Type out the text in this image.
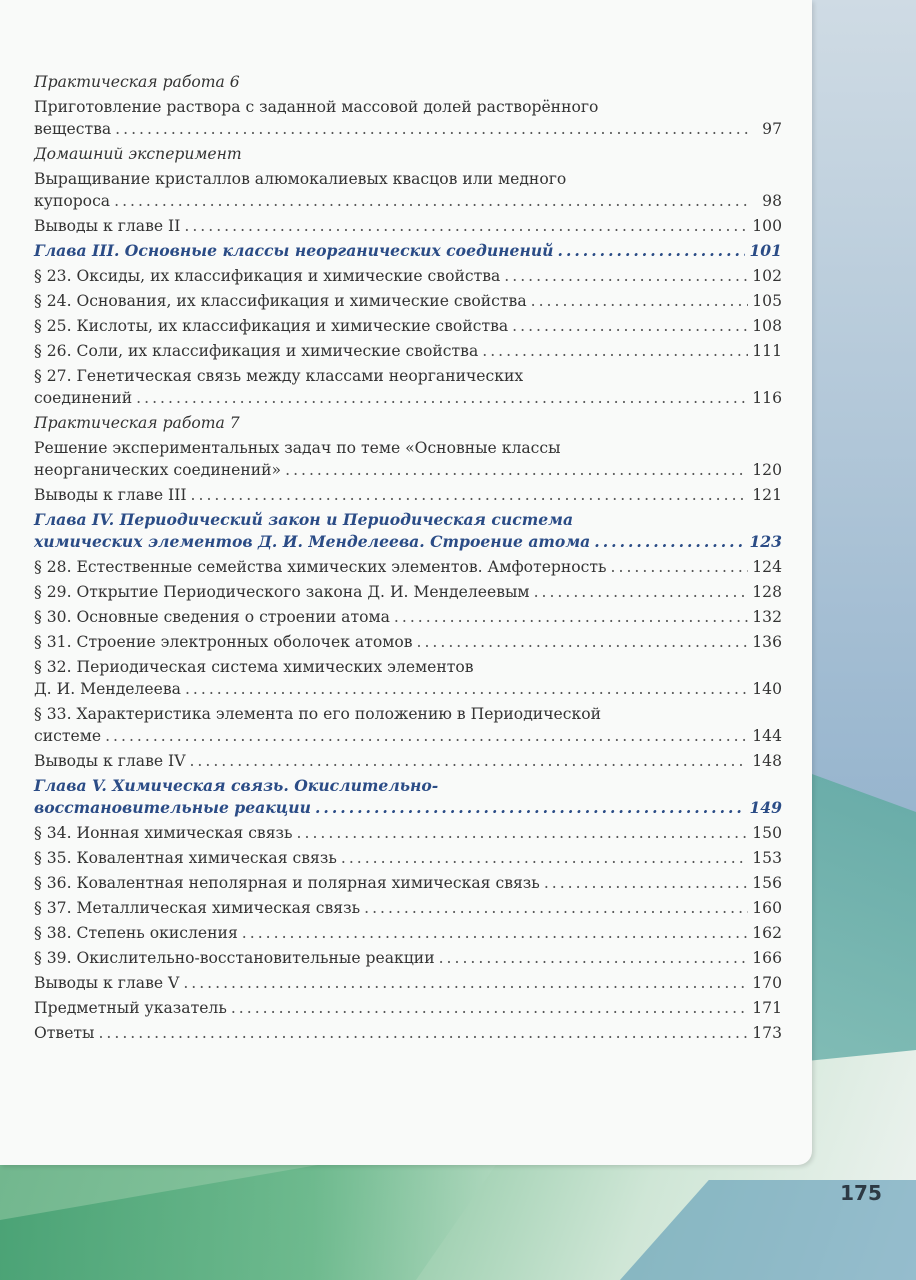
Практическая работа 6
Приготовление раствора с заданной массовой долей растворённого
вещества .....	97
Домашний эксперимент
Выращивание кристаллов алюмокалиевых квасцов или медного
купороса .....	98
Выводы к главе II .....	100
Глава III. Основные классы неорганических соединений .....	101
§ 23. Оксиды, их классификация и химические свойства .....	102
§ 24. Основания, их классификация и химические свойства .....	105
§ 25. Кислоты, их классификация и химические свойства .....	108
§ 26. Соли, их классификация и химические свойства .....	111
§ 27. Генетическая связь между классами неорганических
соединений .....	116
Практическая работа 7
Решение экспериментальных задач по теме «Основные классы
неорганических соединений» .....	120
Выводы к главе III .....	121
Глава IV. Периодический закон и Периодическая система
химических элементов Д. И. Менделеева. Строение атома .....	123
§ 28. Естественные семейства химических элементов. Амфотерность .....	124
§ 29. Открытие Периодического закона Д. И. Менделеевым .....	128
§ 30. Основные сведения о строении атома .....	132
§ 31. Строение электронных оболочек атомов .....	136
§ 32. Периодическая система химических элементов
Д. И. Менделеева .....	140
§ 33. Характеристика элемента по его положению в Периодической
системе .....	144
Выводы к главе IV .....	148
Глава V. Химическая связь. Окислительно-
восстановительные реакции .....	149
§ 34. Ионная химическая связь .....	150
§ 35. Ковалентная химическая связь .....	153
§ 36. Ковалентная неполярная и полярная химическая связь .....	156
§ 37. Металлическая химическая связь .....	160
§ 38. Степень окисления .....	162
§ 39. Окислительно-восстановительные реакции .....	166
Выводы к главе V .....	170
Предметный указатель .....	171
Ответы .....	173
175
